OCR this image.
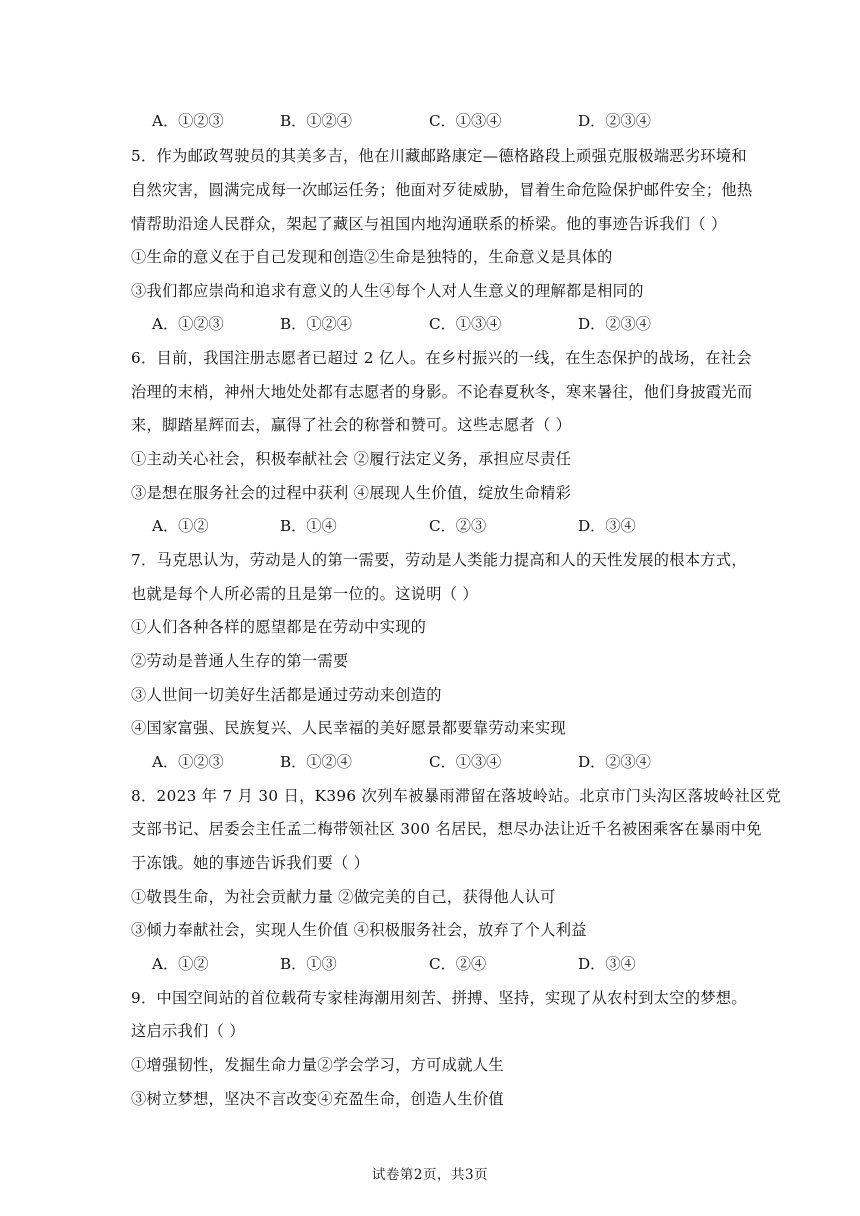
A．①②③	B．①②④	C．①③④	D．②③④
5．作为邮政驾驶员的其美多吉，他在川藏邮路康定—德格路段上顽强克服极端恶劣环境和
自然灾害，圆满完成每一次邮运任务；他面对歹徒威胁，冒着生命危险保护邮件安全；他热
情帮助沿途人民群众，架起了藏区与祖国内地沟通联系的桥梁。他的事迹告诉我们（ ）
①生命的意义在于自己发现和创造②生命是独特的，生命意义是具体的
③我们都应崇尚和追求有意义的人生④每个人对人生意义的理解都是相同的
A．①②③	B．①②④	C．①③④	D．②③④
6．目前，我国注册志愿者已超过 2 亿人。在乡村振兴的一线，在生态保护的战场，在社会
治理的末梢，神州大地处处都有志愿者的身影。不论春夏秋冬，寒来暑往，他们身披霞光而
来，脚踏星辉而去，赢得了社会的称誉和赞可。这些志愿者（ ）
①主动关心社会，积极奉献社会 ②履行法定义务，承担应尽责任
③是想在服务社会的过程中获利 ④展现人生价值，绽放生命精彩
A．①②	B．①④	C．②③	D．③④
7．马克思认为，劳动是人的第一需要，劳动是人类能力提高和人的天性发展的根本方式，
也就是每个人所必需的且是第一位的。这说明（ ）
①人们各种各样的愿望都是在劳动中实现的
②劳动是普通人生存的第一需要
③人世间一切美好生活都是通过劳动来创造的
④国家富强、民族复兴、人民幸福的美好愿景都要靠劳动来实现
A．①②③	B．①②④	C．①③④	D．②③④
8．2023 年 7 月 30 日，K396 次列车被暴雨滞留在落坡岭站。北京市门头沟区落坡岭社区党
支部书记、居委会主任孟二梅带领社区 300 名居民，想尽办法让近千名被困乘客在暴雨中免
于冻饿。她的事迹告诉我们要（ ）
①敬畏生命，为社会贡献力量 ②做完美的自己，获得他人认可
③倾力奉献社会，实现人生价值 ④积极服务社会，放弃了个人利益
A．①②	B．①③	C．②④	D．③④
9．中国空间站的首位载荷专家桂海潮用刻苦、拼搏、坚持，实现了从农村到太空的梦想。
这启示我们（ ）
①增强韧性，发掘生命力量②学会学习，方可成就人生
③树立梦想，坚决不言改变④充盈生命，创造人生价值
试卷第2页，共3页
